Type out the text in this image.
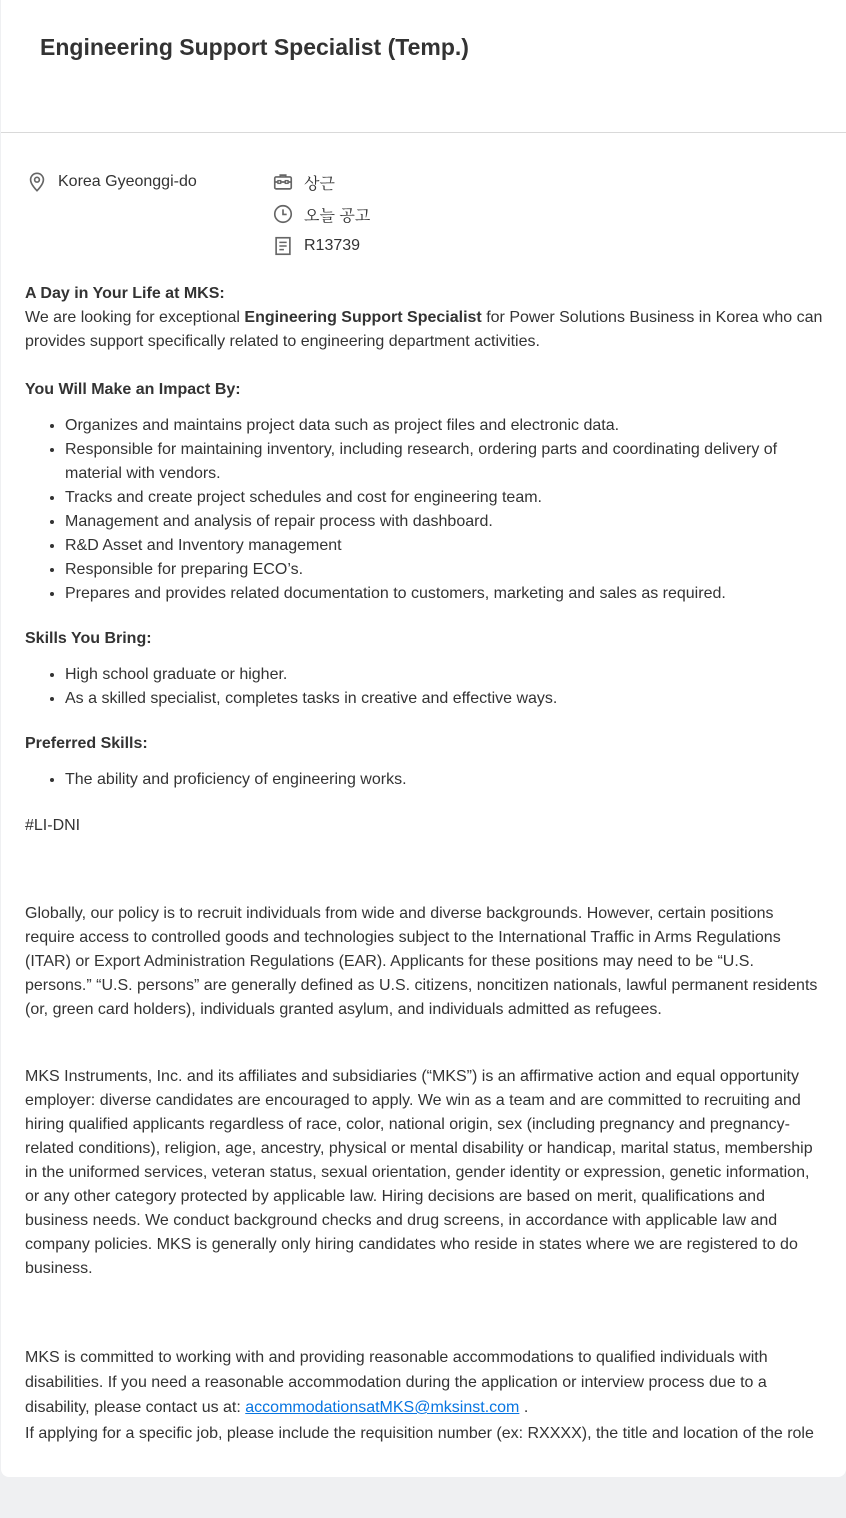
Engineering Support Specialist (Temp.)
Korea Gyeonggi-do	상근
오늘 공고
R13739

A Day in Your Life at MKS:

We are looking for exceptional Engineering Support Specialist for Power Solutions Business in Korea who can provides support specifically related to engineering department activities.

You Will Make an Impact By:

• Organizes and maintains project data such as project files and electronic data.
• Responsible for maintaining inventory, including research, ordering parts and coordinating delivery of material with vendors.
• Tracks and create project schedules and cost for engineering team.
• Management and analysis of repair process with dashboard.
• R&D Asset and Inventory management
• Responsible for preparing ECO’s.
• Prepares and provides related documentation to customers, marketing and sales as required.

Skills You Bring:

• High school graduate or higher.
• As a skilled specialist, completes tasks in creative and effective ways.

Preferred Skills:

• The ability and proficiency of engineering works.

#LI-DNI

Globally, our policy is to recruit individuals from wide and diverse backgrounds. However, certain positions require access to controlled goods and technologies subject to the International Traffic in Arms Regulations (ITAR) or Export Administration Regulations (EAR). Applicants for these positions may need to be “U.S. persons.” “U.S. persons” are generally defined as U.S. citizens, noncitizen nationals, lawful permanent residents (or, green card holders), individuals granted asylum, and individuals admitted as refugees.

MKS Instruments, Inc. and its affiliates and subsidiaries (“MKS”) is an affirmative action and equal opportunity employer: diverse candidates are encouraged to apply. We win as a team and are committed to recruiting and hiring qualified applicants regardless of race, color, national origin, sex (including pregnancy and pregnancy-related conditions), religion, age, ancestry, physical or mental disability or handicap, marital status, membership in the uniformed services, veteran status, sexual orientation, gender identity or expression, genetic information, or any other category protected by applicable law. Hiring decisions are based on merit, qualifications and business needs. We conduct background checks and drug screens, in accordance with applicable law and company policies. MKS is generally only hiring candidates who reside in states where we are registered to do business.

MKS is committed to working with and providing reasonable accommodations to qualified individuals with disabilities. If you need a reasonable accommodation during the application or interview process due to a disability, please contact us at: accommodationsatMKS@mksinst.com .

If applying for a specific job, please include the requisition number (ex: RXXXX), the title and location of the role
